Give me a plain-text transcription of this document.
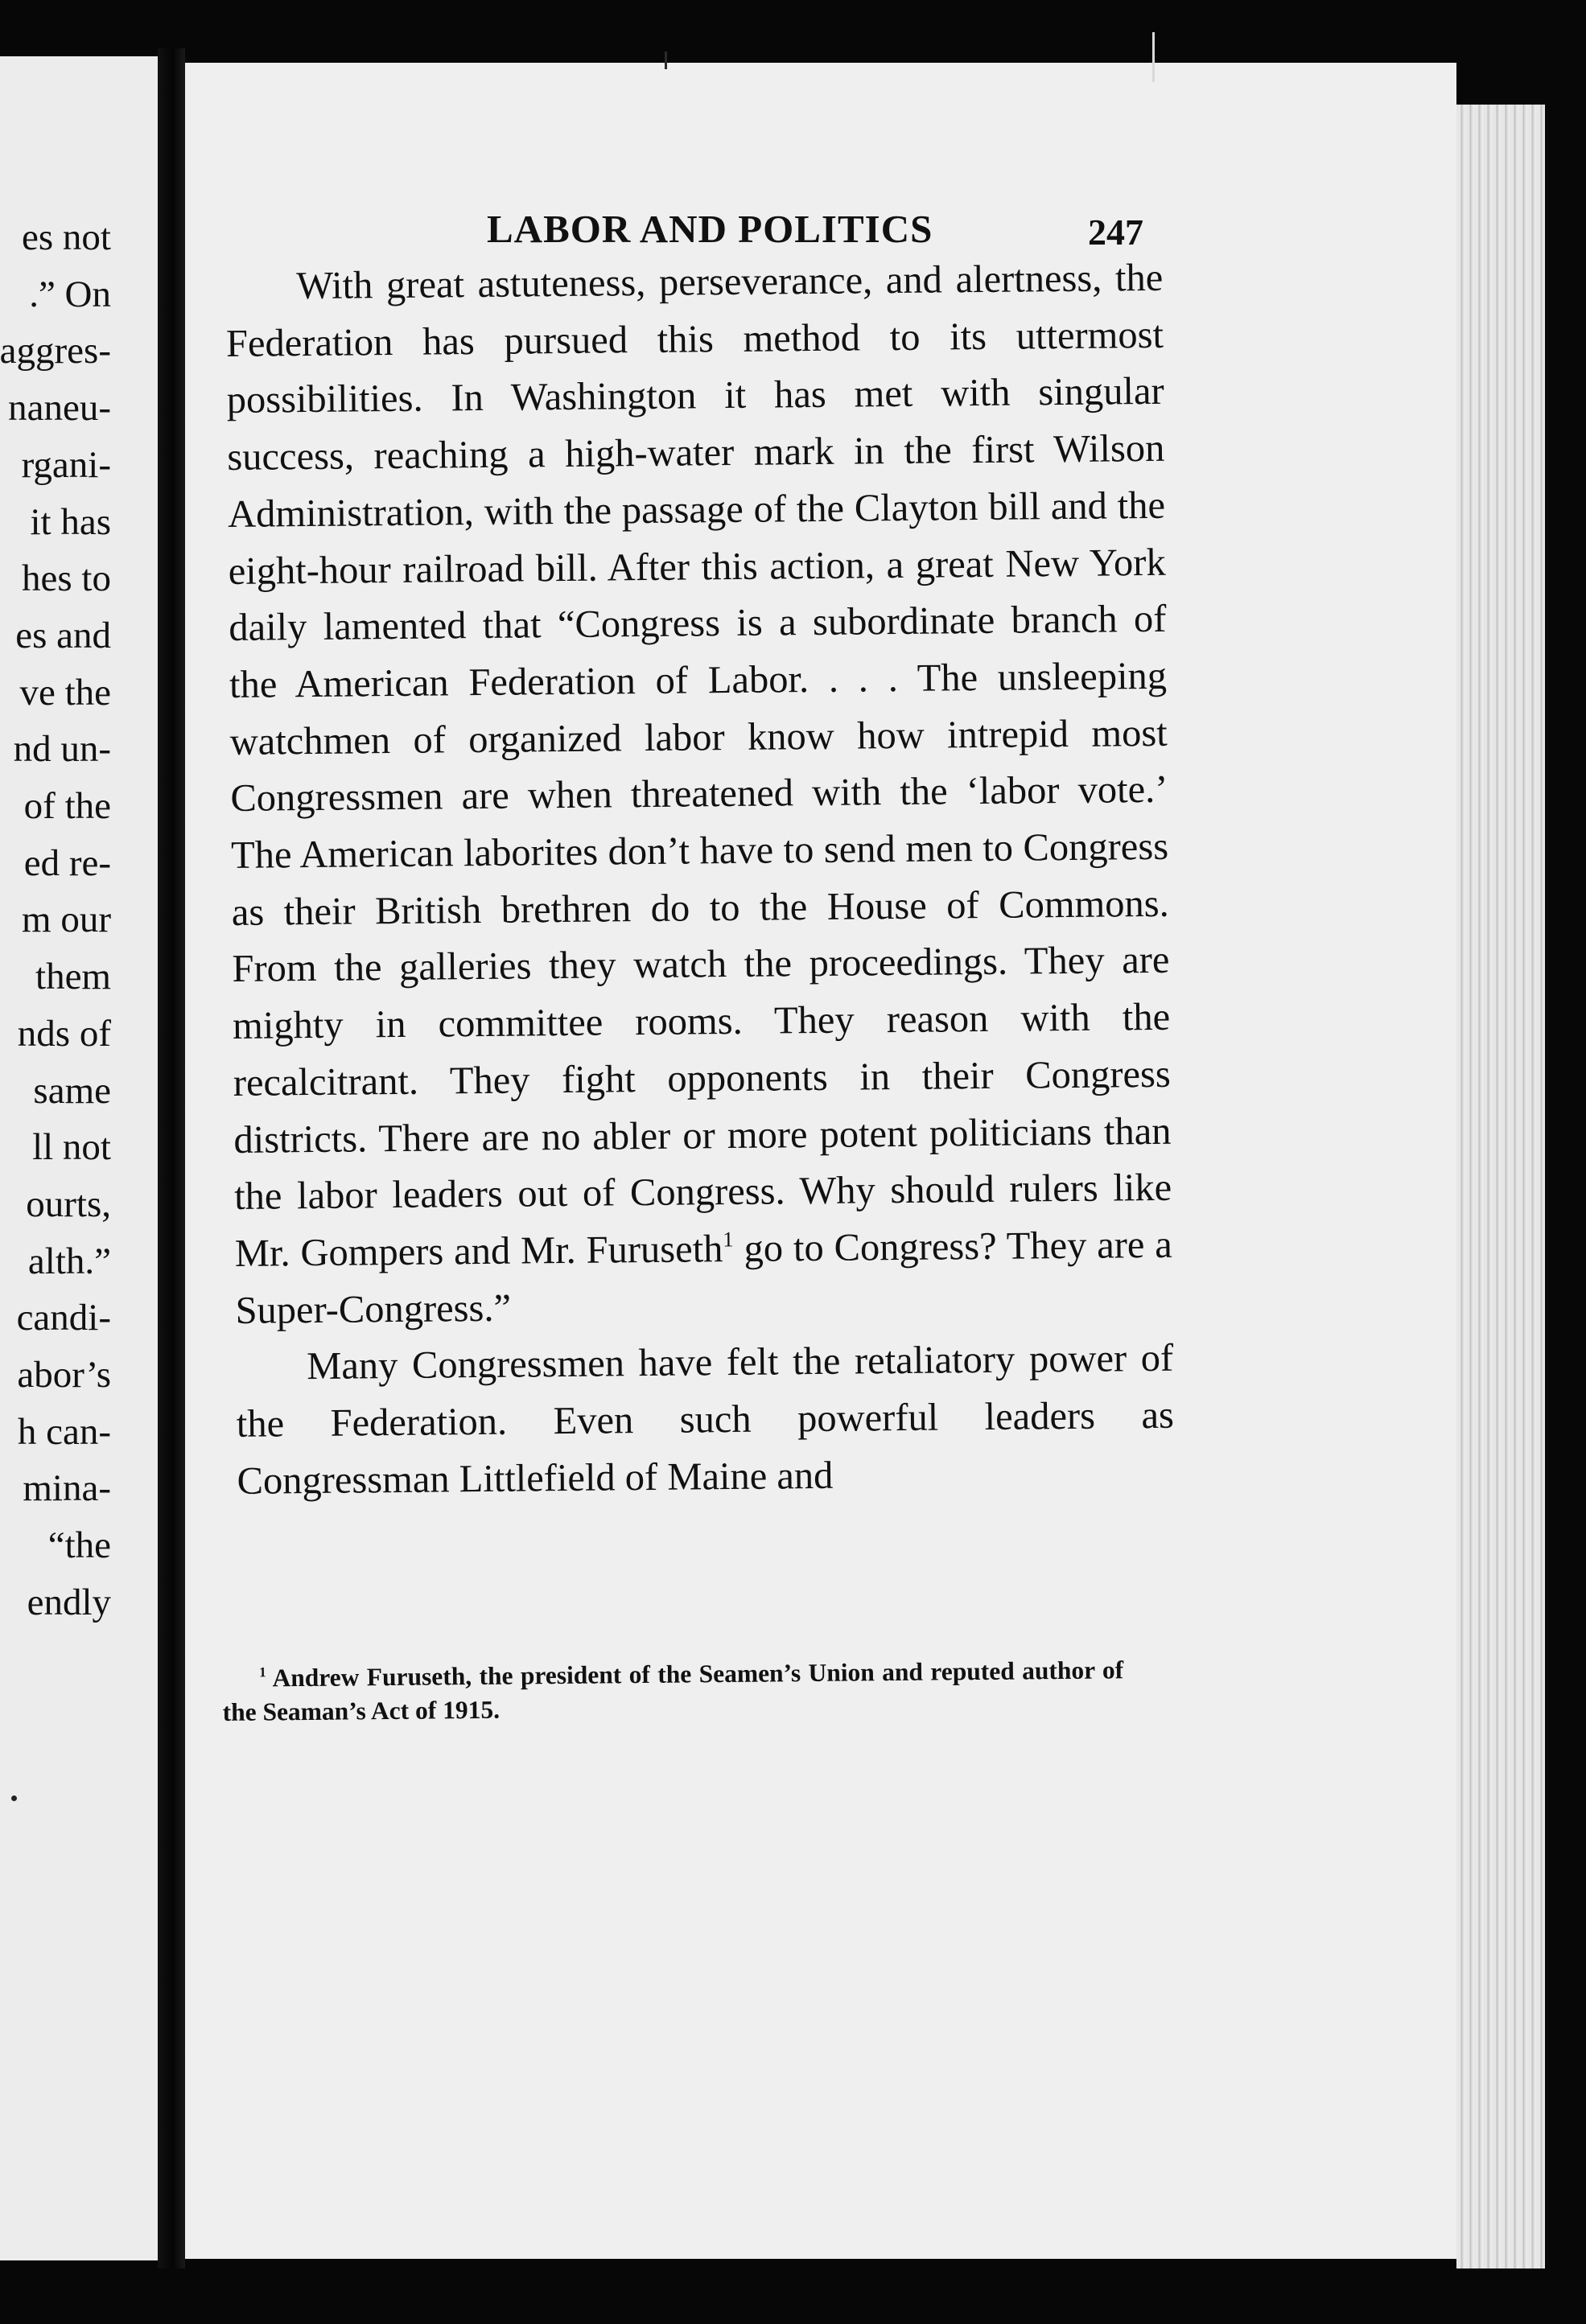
es not
.” On
aggres-
naneu-
rgani-
it has
hes to
es and
ve the
nd un-
of the
ed re-
m our
them
nds of
same
ll not
ourts,
alth.”
candi-
abor’s
h can-
mina-
“the
endly
LABOR AND POLITICS	247

With great astuteness, perseverance, and alertness, the Federation has pursued this method to its uttermost possibilities. In Washington it has met with singular success, reaching a high-water mark in the first Wilson Administration, with the passage of the Clayton bill and the eight-hour railroad bill. After this action, a great New York daily lamented that “Congress is a subordinate branch of the American Federation of Labor. . . . The unsleeping watchmen of organized labor know how intrepid most Congressmen are when threatened with the ‘labor vote.’ The American laborites don’t have to send men to Congress as their British brethren do to the House of Commons. From the galleries they watch the proceedings. They are mighty in committee rooms. They reason with the recalcitrant. They fight opponents in their Congress districts. There are no abler or more potent politicians than the labor leaders out of Congress. Why should rulers like Mr. Gompers and Mr. Furuseth$^1$ go to Congress? They are a Super-Congress.”

Many Congressmen have felt the retaliatory power of the Federation. Even such powerful leaders as Congressman Littlefield of Maine and

$^1$ Andrew Furuseth, the president of the Seamen’s Union and reputed author of the Seaman’s Act of 1915.
